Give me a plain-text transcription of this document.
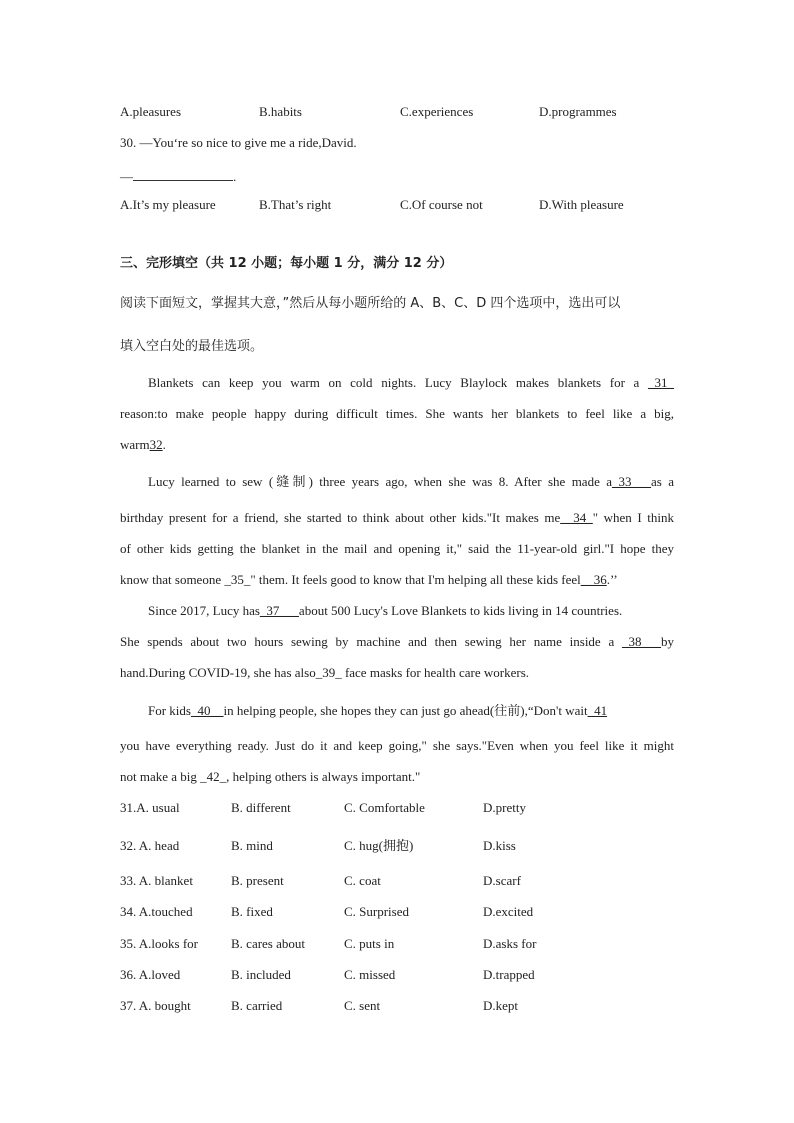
A.pleasures	B.habits	C.experiences	D.programmes
30. —You‘re so nice to give me a ride,David.
—	.
A.It’s my pleasure	B.That’s right	C.Of course not	D.With pleasure
三、完形填空（共 12 小题；每小题 1 分，满分 12 分）
阅读下面短文，掌握其大意，”然后从每小题所给的 A、B、C、D 四个选项中，选出可以
填入空白处的最佳选项。
Blankets can keep you warm on cold nights. Lucy Blaylock makes blankets for a _31_
reason:to make people happy during difficult times. She wants her blankets to feel like a big,
warm32.
Lucy learned to sew (缝制) three years ago, when she was 8. After she made a_33___as a
birthday present for a friend, she started to think about other kids."It makes me__34_" when I think
of other kids getting the blanket in the mail and opening it," said the 11-year-old girl."I hope they
know that someone _35_" them. It feels good to know that I'm helping all these kids feel__36.’’
Since 2017, Lucy has_37___about 500 Lucy's Love Blankets to kids living in 14 countries.
She spends about two hours sewing by machine and then sewing her name inside a _38___by
hand.During COVID-19, she has also_39_ face masks for health care workers.
For kids_40__in helping people, she hopes they can just go ahead(往前),“Don't wait_41
you have everything ready. Just do it and keep going," she says."Even when you feel like it might
not make a big _42_, helping others is always important."
31.A. usual	B. different	C. Comfortable	D.pretty
32. A. head	B. mind	C. hug(拥抱)	D.kiss
33. A. blanket	B. present	C. coat	D.scarf
34. A.touched	B. fixed	C. Surprised	D.excited
35. A.looks for	B. cares about	C. puts in	D.asks for
36. A.loved	B. included	C. missed	D.trapped
37. A. bought	B. carried	C. sent	D.kept
